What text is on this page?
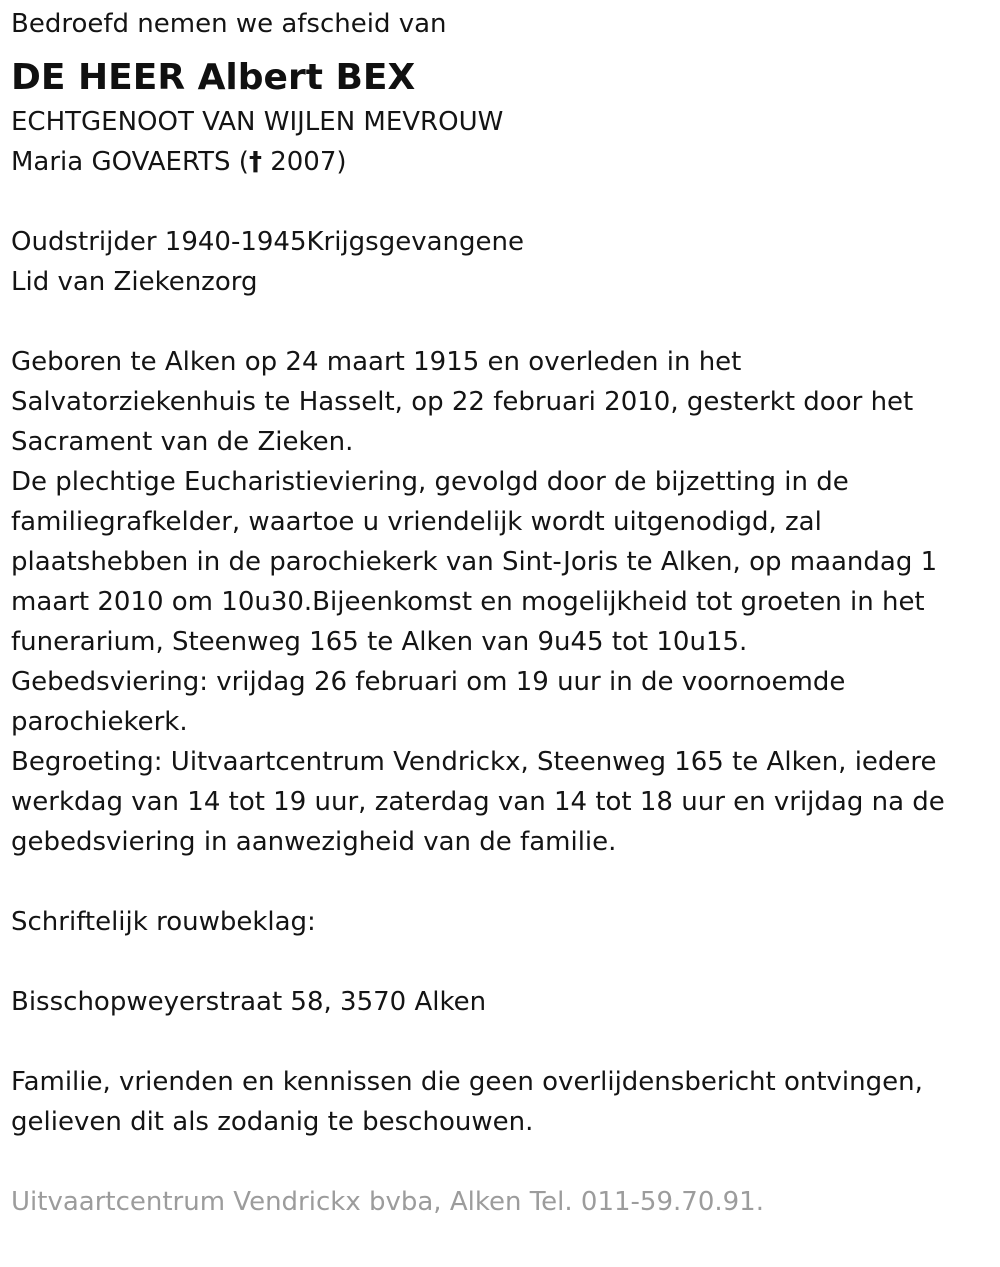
Bedroefd nemen we afscheid van

DE HEER Albert BEX

ECHTGENOOT VAN WIJLEN MEVROUW

Maria GOVAERTS († 2007)

Oudstrijder 1940-1945Krijgsgevangene

Lid van Ziekenzorg

Geboren te Alken op 24 maart 1915 en overleden in het

Salvatorziekenhuis te Hasselt, op 22 februari 2010, gesterkt door het

Sacrament van de Zieken.

De plechtige Eucharistieviering, gevolgd door de bijzetting in de

familiegrafkelder, waartoe u vriendelijk wordt uitgenodigd, zal

plaatshebben in de parochiekerk van Sint-Joris te Alken, op maandag 1

maart 2010 om 10u30.Bijeenkomst en mogelijkheid tot groeten in het

funerarium, Steenweg 165 te Alken van 9u45 tot 10u15.

Gebedsviering: vrijdag 26 februari om 19 uur in de voornoemde

parochiekerk.

Begroeting: Uitvaartcentrum Vendrickx, Steenweg 165 te Alken, iedere

werkdag van 14 tot 19 uur, zaterdag van 14 tot 18 uur en vrijdag na de

gebedsviering in aanwezigheid van de familie.

Schriftelijk rouwbeklag:

Bisschopweyerstraat 58, 3570 Alken

Familie, vrienden en kennissen die geen overlijdensbericht ontvingen,

gelieven dit als zodanig te beschouwen.

Uitvaartcentrum Vendrickx bvba, Alken Tel. 011-59.70.91.
